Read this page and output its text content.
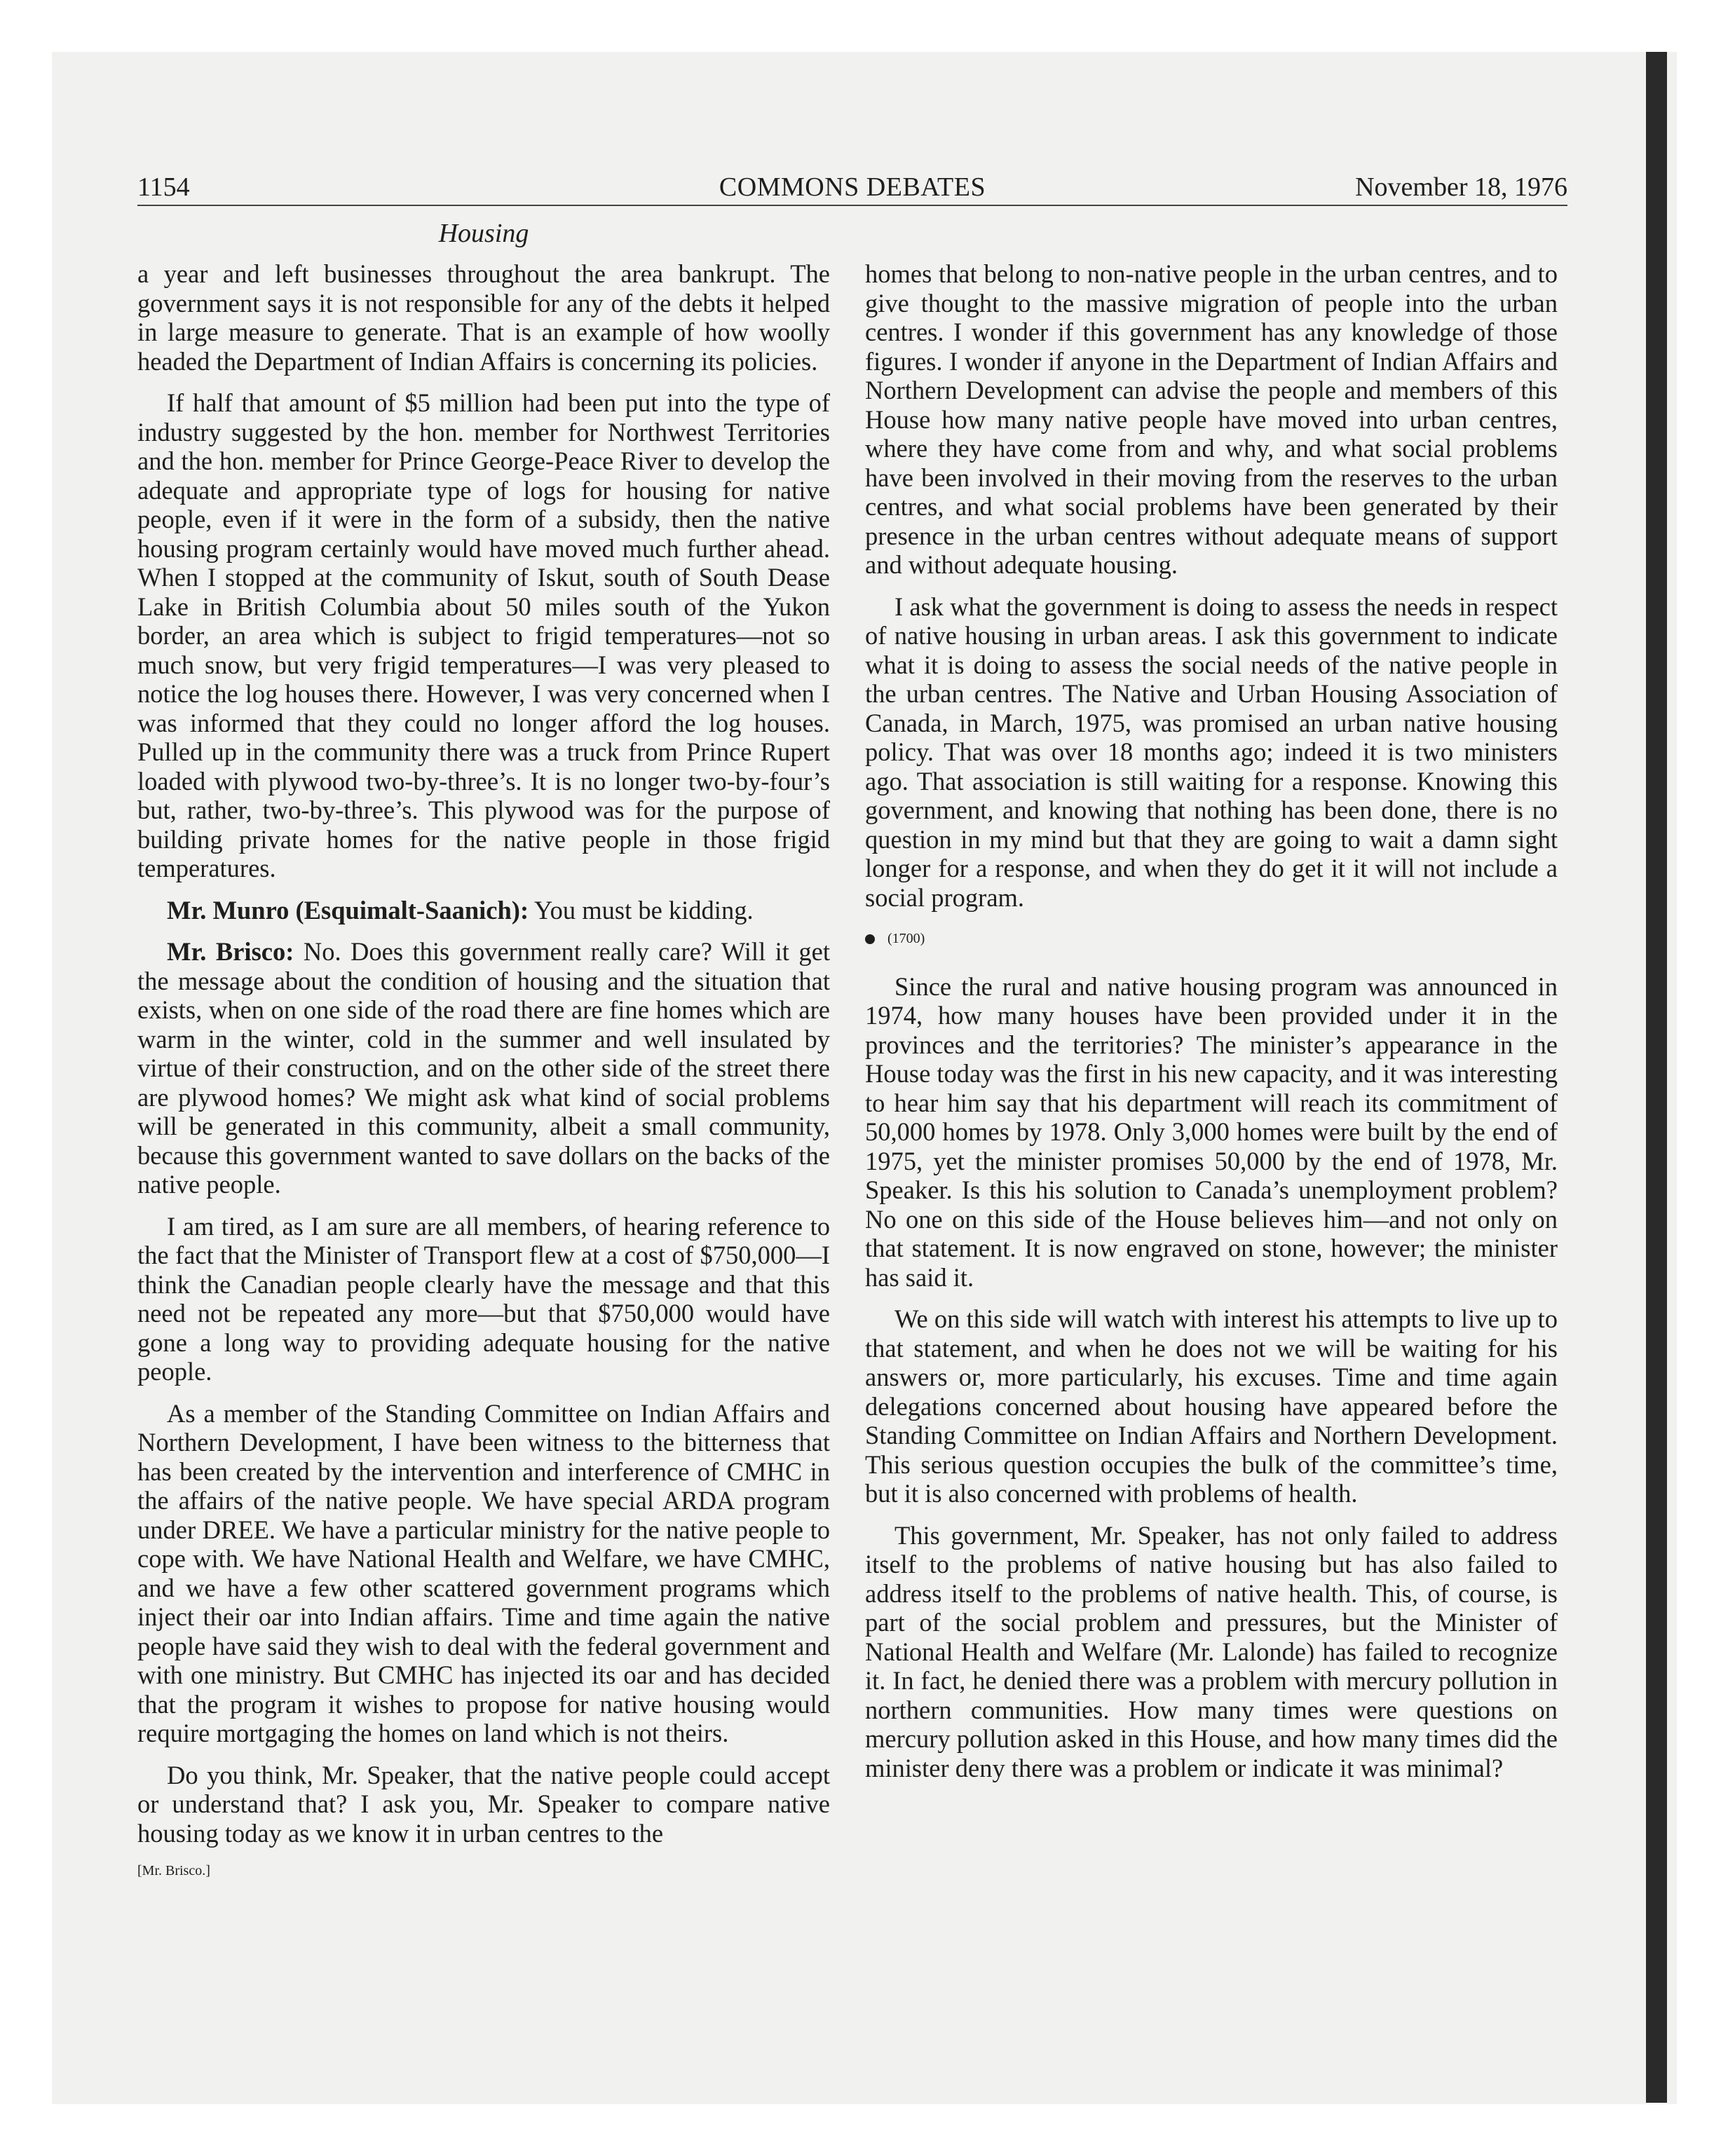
1154	COMMONS DEBATES	November 18, 1976
Housing

a year and left businesses throughout the area bankrupt. The government says it is not responsible for any of the debts it helped in large measure to generate. That is an example of how woolly headed the Department of Indian Affairs is concerning its policies.

If half that amount of $5 million had been put into the type of industry suggested by the hon. member for Northwest Territories and the hon. member for Prince George-Peace River to develop the adequate and appropriate type of logs for housing for native people, even if it were in the form of a subsidy, then the native housing program certainly would have moved much further ahead. When I stopped at the community of Iskut, south of South Dease Lake in British Columbia about 50 miles south of the Yukon border, an area which is subject to frigid temperatures—not so much snow, but very frigid temperatures—I was very pleased to notice the log houses there. However, I was very concerned when I was informed that they could no longer afford the log houses. Pulled up in the community there was a truck from Prince Rupert loaded with plywood two-by-three’s. It is no longer two-by-four’s but, rather, two-by-three’s. This plywood was for the purpose of building private homes for the native people in those frigid temperatures.

Mr. Munro (Esquimalt-Saanich): You must be kidding.

Mr. Brisco: No. Does this government really care? Will it get the message about the condition of housing and the situation that exists, when on one side of the road there are fine homes which are warm in the winter, cold in the summer and well insulated by virtue of their construction, and on the other side of the street there are plywood homes? We might ask what kind of social problems will be generated in this community, albeit a small community, because this government wanted to save dollars on the backs of the native people.

I am tired, as I am sure are all members, of hearing reference to the fact that the Minister of Transport flew at a cost of $750,000—I think the Canadian people clearly have the message and that this need not be repeated any more—but that $750,000 would have gone a long way to providing adequate housing for the native people.

As a member of the Standing Committee on Indian Affairs and Northern Development, I have been witness to the bitterness that has been created by the intervention and interference of CMHC in the affairs of the native people. We have special ARDA program under DREE. We have a particular ministry for the native people to cope with. We have National Health and Welfare, we have CMHC, and we have a few other scattered government programs which inject their oar into Indian affairs. Time and time again the native people have said they wish to deal with the federal government and with one ministry. But CMHC has injected its oar and has decided that the program it wishes to propose for native housing would require mortgaging the homes on land which is not theirs.

Do you think, Mr. Speaker, that the native people could accept or understand that? I ask you, Mr. Speaker to compare native housing today as we know it in urban centres to the

[Mr. Brisco.]

homes that belong to non-native people in the urban centres, and to give thought to the massive migration of people into the urban centres. I wonder if this government has any knowledge of those figures. I wonder if anyone in the Department of Indian Affairs and Northern Development can advise the people and members of this House how many native people have moved into urban centres, where they have come from and why, and what social problems have been involved in their moving from the reserves to the urban centres, and what social problems have been generated by their presence in the urban centres without adequate means of support and without adequate housing.

I ask what the government is doing to assess the needs in respect of native housing in urban areas. I ask this government to indicate what it is doing to assess the social needs of the native people in the urban centres. The Native and Urban Housing Association of Canada, in March, 1975, was promised an urban native housing policy. That was over 18 months ago; indeed it is two ministers ago. That association is still waiting for a response. Knowing this government, and knowing that nothing has been done, there is no question in my mind but that they are going to wait a damn sight longer for a response, and when they do get it it will not include a social program.

(1700)

Since the rural and native housing program was announced in 1974, how many houses have been provided under it in the provinces and the territories? The minister’s appearance in the House today was the first in his new capacity, and it was interesting to hear him say that his department will reach its commitment of 50,000 homes by 1978. Only 3,000 homes were built by the end of 1975, yet the minister promises 50,000 by the end of 1978, Mr. Speaker. Is this his solution to Canada’s unemployment problem? No one on this side of the House believes him—and not only on that statement. It is now engraved on stone, however; the minister has said it.

We on this side will watch with interest his attempts to live up to that statement, and when he does not we will be waiting for his answers or, more particularly, his excuses. Time and time again delegations concerned about housing have appeared before the Standing Committee on Indian Affairs and Northern Development. This serious question occupies the bulk of the committee’s time, but it is also concerned with problems of health.

This government, Mr. Speaker, has not only failed to address itself to the problems of native housing but has also failed to address itself to the problems of native health. This, of course, is part of the social problem and pressures, but the Minister of National Health and Welfare (Mr. Lalonde) has failed to recognize it. In fact, he denied there was a problem with mercury pollution in northern communities. How many times were questions on mercury pollution asked in this House, and how many times did the minister deny there was a problem or indicate it was minimal?
